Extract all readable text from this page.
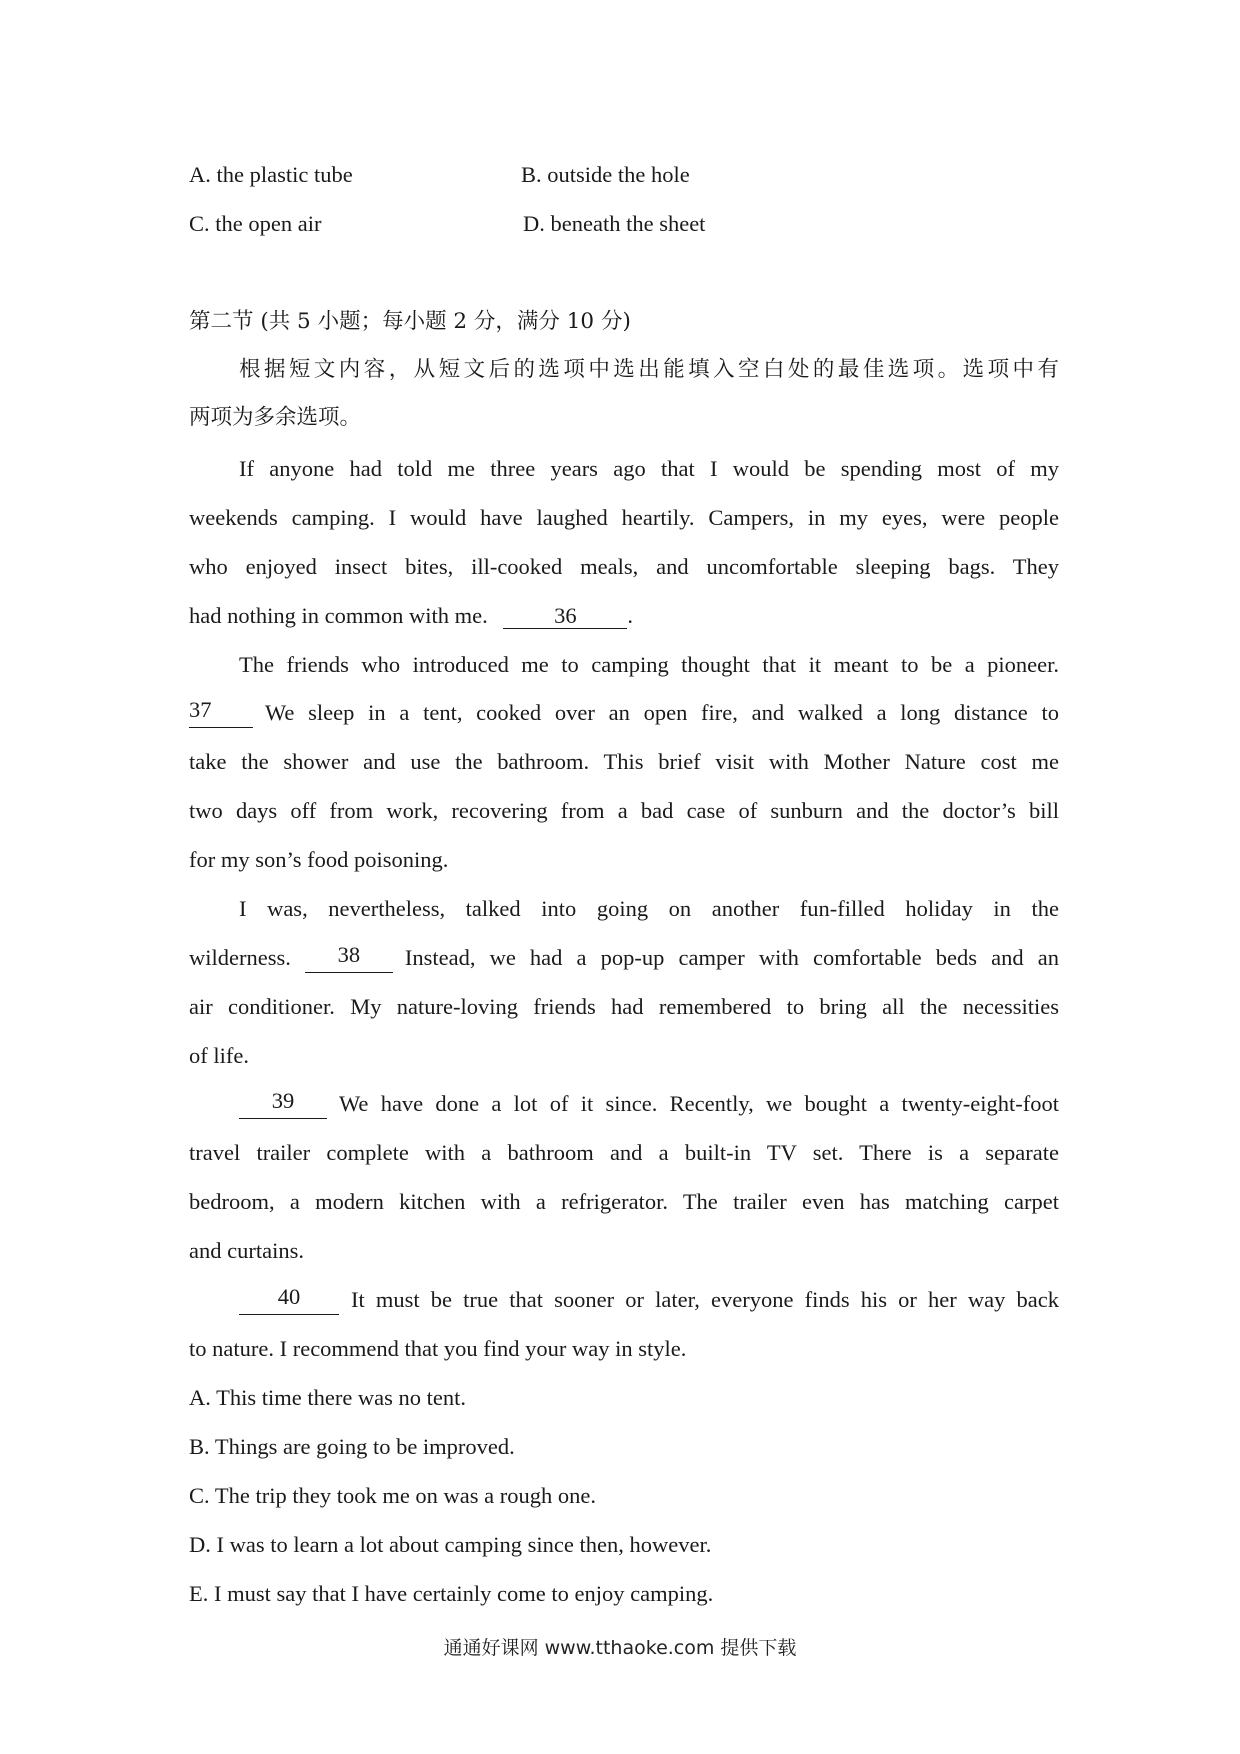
A. the plastic tube	B. outside the hole
C. the open air	D. beneath the sheet
第二节 (共 5 小题；每小题 2 分，满分 10 分)
根据短文内容，从短文后的选项中选出能填入空白处的最佳选项。选项中有
两项为多余选项。
If anyone had told me three years ago that I would be spending most of my
weekends camping. I would have laughed heartily. Campers, in my eyes, were people
who enjoyed insect bites, ill-cooked meals, and uncomfortable sleeping bags. They
had nothing in common with me.	36 .
The friends who introduced me to camping thought that it meant to be a pioneer.
37	We sleep in a tent, cooked over an open fire, and walked a long distance to
take the shower and use the bathroom. This brief visit with Mother Nature cost me
two days off from work, recovering from a bad case of sunburn and the doctor’s bill
for my son’s food poisoning.
I was, nevertheless, talked into going on another fun-filled holiday in the
wilderness.	38	Instead, we had a pop-up camper with comfortable beds and an
air conditioner. My nature-loving friends had remembered to bring all the necessities
of life.
39	We have done a lot of it since. Recently, we bought a twenty-eight-foot
travel trailer complete with a bathroom and a built-in TV set. There is a separate
bedroom, a modern kitchen with a refrigerator. The trailer even has matching carpet
and curtains.
40	It must be true that sooner or later, everyone finds his or her way back
to nature. I recommend that you find your way in style.
A. This time there was no tent.
B. Things are going to be improved.
C. The trip they took me on was a rough one.
D. I was to learn a lot about camping since then, however.
E. I must say that I have certainly come to enjoy camping.
通通好课网 www.tthaoke.com 提供下载
